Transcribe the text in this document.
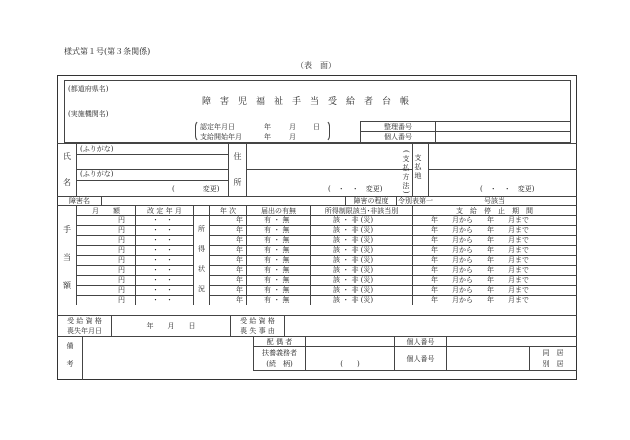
様式第１号(第３条関係)
（表　面）
(都道府県名)
(実施機関名)
障　害　児　福　祉　手　当　受　給　者　台　帳
認定年月日	年	月 日
支給開始年月	年	月
整理番号
個人番号
氏
名
(ふりがな)
(ふりがな)
(　　　　変更)
住
所
(　・　・　変更)	(支払方法) 支払地
(　・　・　変更)
障害名	障害の程度	令別表第一	号該当
月　　額	改 定 年 月	年 次	届出の有無	所得制限該当･非該当別	支　給　停　止　期　間
手
当
額
所
得
状
況
円	・　・	年	有 ・ 無	該 ・ 非 (災)	年　　月から　　年　　月まで
円	・　・	年	有 ・ 無	該 ・ 非 (災)	年　　月から　　年　　月まで
円	・　・	年	有 ・ 無	該 ・ 非 (災)	年　　月から　　年　　月まで
円	・　・	年	有 ・ 無	該 ・ 非 (災)	年　　月から　　年　　月まで
円	・　・	年	有 ・ 無	該 ・ 非 (災)	年　　月から　　年　　月まで
円	・　・	年	有 ・ 無	該 ・ 非 (災)	年　　月から　　年　　月まで
円	・　・	年	有 ・ 無	該 ・ 非 (災)	年　　月から　　年　　月まで
円	・　・	年	有 ・ 無	該 ・ 非 (災)	年　　月から　　年　　月まで
円	・　・	年	有 ・ 無	該 ・ 非 (災)	年　　月から　　年　　月まで
受 給 資 格
喪失年月日
年　　月　　日
受 給 資 格
喪 失 事 由
備
考
配 偶 者	個人番号
扶養義務者
(続　柄)	(　　)
個人番号
同　居
別　居
